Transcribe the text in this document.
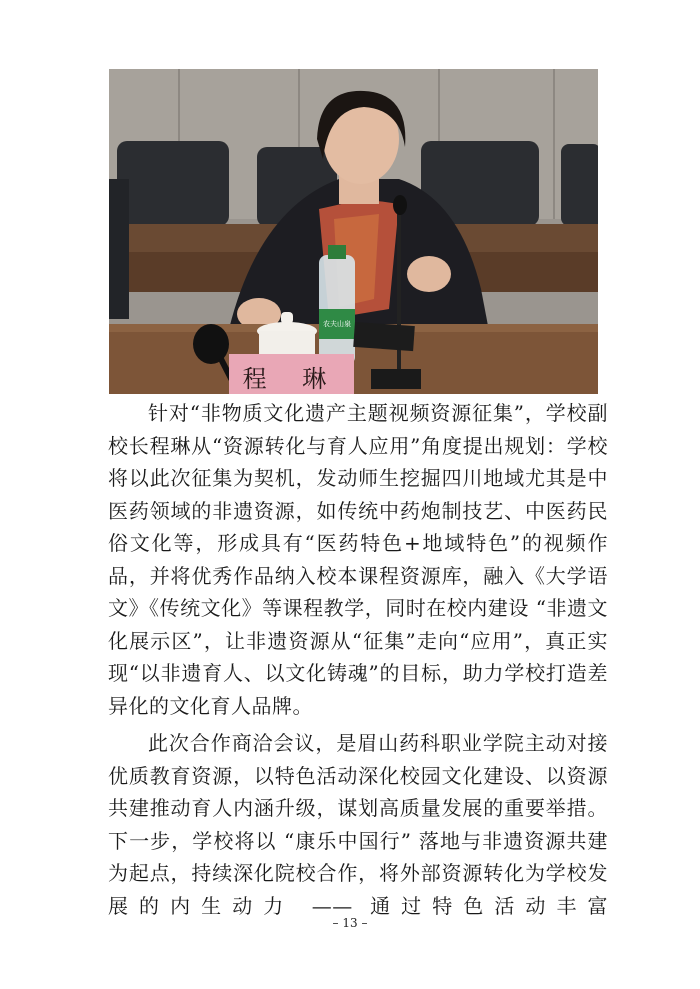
程 琳
农夫山泉

针对“非物质文化遗产主题视频资源征集”，学校副校长程琳从“资源转化与育人应用”角度提出规划：学校将以此次征集为契机，发动师生挖掘四川地域尤其是中医药领域的非遗资源，如传统中药炮制技艺、中医药民俗文化等，形成具有“医药特色+地域特色”的视频作品，并将优秀作品纳入校本课程资源库，融入《大学语文》《传统文化》等课程教学，同时在校内建设 “非遗文化展示区”，让非遗资源从“征集”走向“应用”，真正实现“以非遗育人、以文化铸魂”的目标，助力学校打造差异化的文化育人品牌。

此次合作商洽会议，是眉山药科职业学院主动对接优质教育资源，以特色活动深化校园文化建设、以资源共建推动育人内涵升级，谋划高质量发展的重要举措。下一步，学校将以 “康乐中国行” 落地与非遗资源共建为起点，持续深化院校合作，将外部资源转化为学校发展的内生动力 —— 通过特色活动丰富

– 13 –
